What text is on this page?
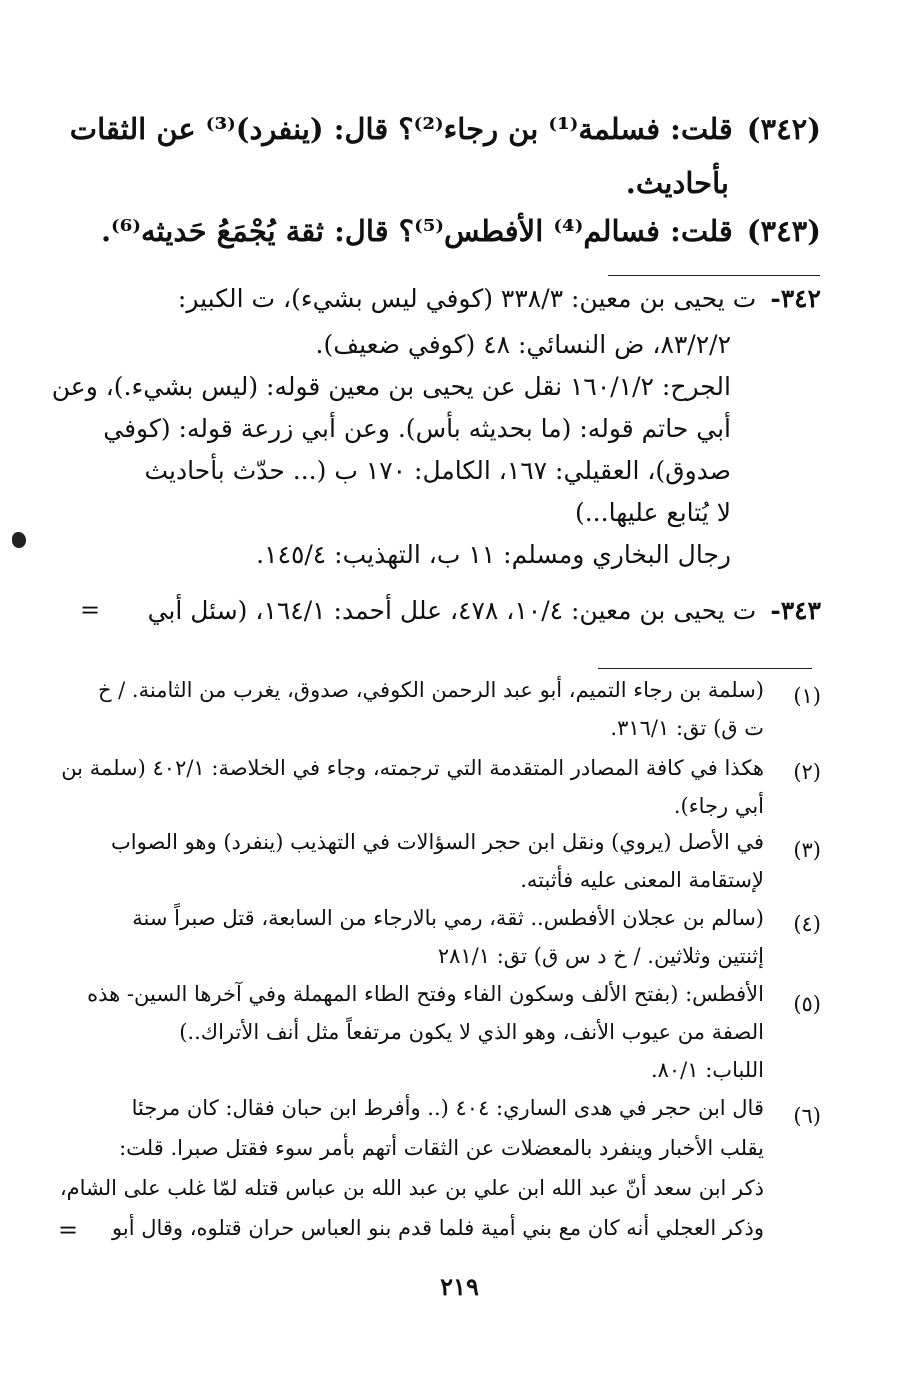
(٣٤٢)قلت: فسلمة⁽¹⁾ بن رجاء⁽²⁾؟ قال: (ينفرد)⁽³⁾ عن الثقات
بأحاديث.
(٣٤٣)قلت: فسالم⁽⁴⁾ الأفطس⁽⁵⁾؟ قال: ثقة يُجْمَعُ حَديثه⁽⁶⁾.
٣٤٢-ت يحيى بن معين: ٣٣٨/٣ (كوفي ليس بشيء)، ت الكبير:
٨٣/٢/٢، ض النسائي: ٤٨ (كوفي ضعيف).
الجرح: ١٦٠/١/٢ نقل عن يحيى بن معين قوله: (ليس بشيء.)، وعن
أبي حاتم قوله: (ما بحديثه بأس). وعن أبي زرعة قوله: (كوفي
صدوق)، العقيلي: ١٦٧، الكامل: ١٧٠ ب (... حدّث بأحاديث
لا يُتابع عليها...)
رجال البخاري ومسلم: ١١ ب، التهذيب: ١٤٥/٤.
٣٤٣-ت يحيى بن معين: ١٠/٤، ٤٧٨، علل أحمد: ١٦٤/١، (سئل أبي
=
(١)
(سلمة بن رجاء التميم، أبو عبد الرحمن الكوفي، صدوق، يغرب من الثامنة. / خ
ت ق) تق: ٣١٦/١.
(٢)
هكذا في كافة المصادر المتقدمة التي ترجمته، وجاء في الخلاصة: ٤٠٢/١ (سلمة بن
أبي رجاء).
(٣)
في الأصل (يروي) ونقل ابن حجر السؤالات في التهذيب (ينفرد) وهو الصواب
لإستقامة المعنى عليه فأثبته.
(٤)
(سالم بن عجلان الأفطس.. ثقة، رمي بالارجاء من السابعة، قتل صبراً سنة
إثنتين وثلاثين. / خ د س ق) تق: ٢٨١/١
(٥)
الأفطس: (بفتح الألف وسكون الفاء وفتح الطاء المهملة وفي آخرها السين- هذه
الصفة من عيوب الأنف، وهو الذي لا يكون مرتفعاً مثل أنف الأتراك..)
اللباب: ٨٠/١.
(٦)
قال ابن حجر في هدى الساري: ٤٠٤ (.. وأفرط ابن حبان فقال: كان مرجئا
يقلب الأخبار وينفرد بالمعضلات عن الثقات أتهم بأمر سوء فقتل صبرا. قلت:
ذكر ابن سعد أنّ عبد الله ابن علي بن عبد الله بن عباس قتله لمّا غلب على الشام،
وذكر العجلي أنه كان مع بني أمية فلما قدم بنو العباس حران قتلوه، وقال أبو
=
٢١٩
